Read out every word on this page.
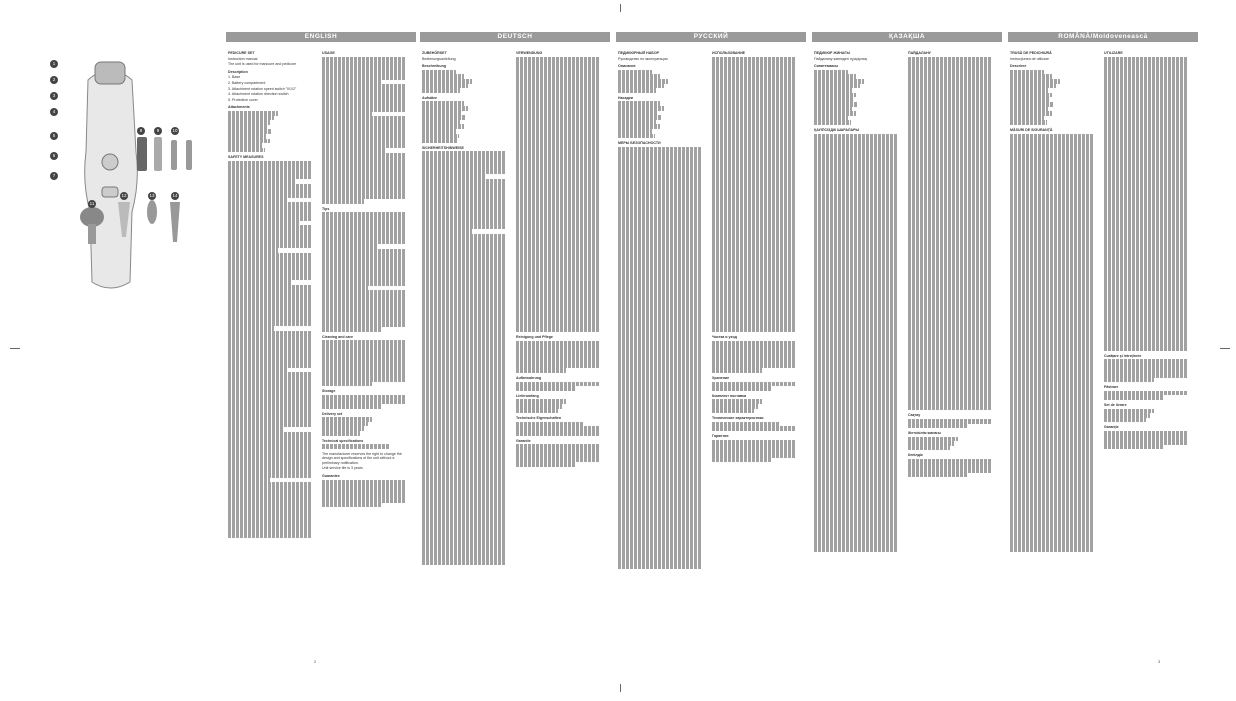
1
2
3
4
5
6
7
8	9	10
11
12	13	14
ENGLISH
PEDICURE SET

Instruction manual

The unit is used for manicure and pedicure

Description

1. Base

2. Battery compartment

3. Attachment rotation speed switch "0/1/2"

4. Attachment rotation direction switch

5. Protective cover

Attachments
SAFETY MEASURES
USAGE
Tips
Cleaning and care
Storage
Delivery set
Technical specifications

The manufacturer reserves the right to change the design and specifications of the unit without a preliminary notification.

Unit service life is 3 years

Guarantee
2
DEUTSCH
ZUBEHÖRSET

Bedienungsanleitung

Beschreibung
Aufsätze
SICHERHEITSHINWEISE
VERWENDUNG
Reinigung und Pflege
Aufbewahrung
Lieferumfang
Technische Eigenschaften
Garantie
РУССКИЙ
ПЕДИКЮРНЫЙ НАБОР

Руководство по эксплуатации

Описание
Насадки
МЕРЫ БЕЗОПАСНОСТИ
ИСПОЛЬЗОВАНИЕ
Чистка и уход
Хранение
Комплект поставки
Технические характеристики
Гарантия
ҚАЗАҚША
ПЕДИКЮР ЖИНАҒЫ

Пайдалану жөніндегі нұсқаулық

Сипаттамасы
ҚАУІПСІЗДІК ШАРАЛАРЫ
ПАЙДАЛАНУ
Сақтау
Жеткізілім жинағы
Кепілдік
ROMÂNĂ/Moldovenească
TRUSĂ DE PEDICHIURĂ

Instrucţiunea de utilizare

Descriere
MĂSURI DE SIGURANŢĂ
UTILIZARE
Curăţare şi întreţinere
Păstrare
Set de livrare
Garanţie
3
